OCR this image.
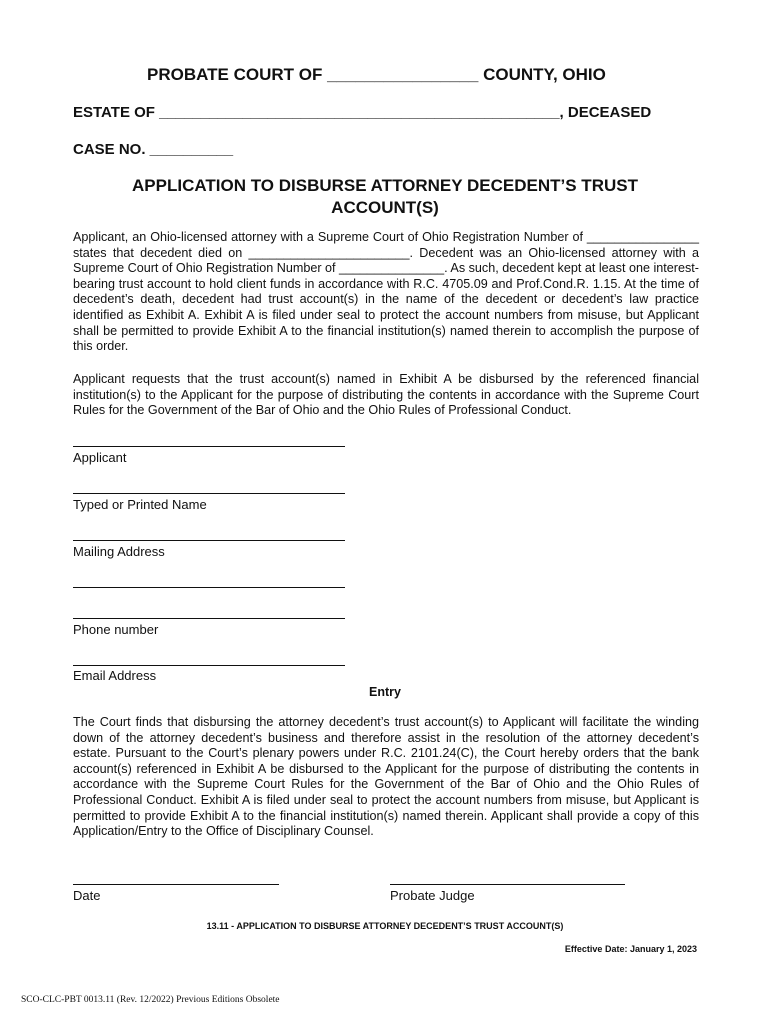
PROBATE COURT OF ________________ COUNTY, OHIO
ESTATE OF ________________________________________________, DECEASED
CASE NO. __________
APPLICATION TO DISBURSE ATTORNEY DECEDENT’S TRUST
ACCOUNT(S)
Applicant, an Ohio-licensed attorney with a Supreme Court of Ohio Registration Number of ________________ states that decedent died on _______________________. Decedent was an Ohio-licensed attorney with a Supreme Court of Ohio Registration Number of _______________. As such, decedent kept at least one interest-bearing trust account to hold client funds in accordance with R.C. 4705.09 and Prof.Cond.R. 1.15. At the time of decedent’s death, decedent had trust account(s) in the name of the decedent or decedent’s law practice identified as Exhibit A. Exhibit A is filed under seal to protect the account numbers from misuse, but Applicant shall be permitted to provide Exhibit A to the financial institution(s) named therein to accomplish the purpose of this order.
Applicant requests that the trust account(s) named in Exhibit A be disbursed by the referenced financial institution(s) to the Applicant for the purpose of distributing the contents in accordance with the Supreme Court Rules for the Government of the Bar of Ohio and the Ohio Rules of Professional Conduct.
Applicant
Typed or Printed Name
Mailing Address
Phone number
Email Address
Entry
The Court finds that disbursing the attorney decedent’s trust account(s) to Applicant will facilitate the winding down of the attorney decedent’s business and therefore assist in the resolution of the attorney decedent’s estate. Pursuant to the Court’s plenary powers under R.C. 2101.24(C), the Court hereby orders that the bank account(s) referenced in Exhibit A be disbursed to the Applicant for the purpose of distributing the contents in accordance with the Supreme Court Rules for the Government of the Bar of Ohio and the Ohio Rules of Professional Conduct. Exhibit A is filed under seal to protect the account numbers from misuse, but Applicant is permitted to provide Exhibit A to the financial institution(s) named therein. Applicant shall provide a copy of this Application/Entry to the Office of Disciplinary Counsel.
Date	Probate Judge
13.11 - APPLICATION TO DISBURSE ATTORNEY DECEDENT’S TRUST ACCOUNT(S)
Effective Date: January 1, 2023
SCO-CLC-PBT 0013.11 (Rev. 12/2022) Previous Editions Obsolete
